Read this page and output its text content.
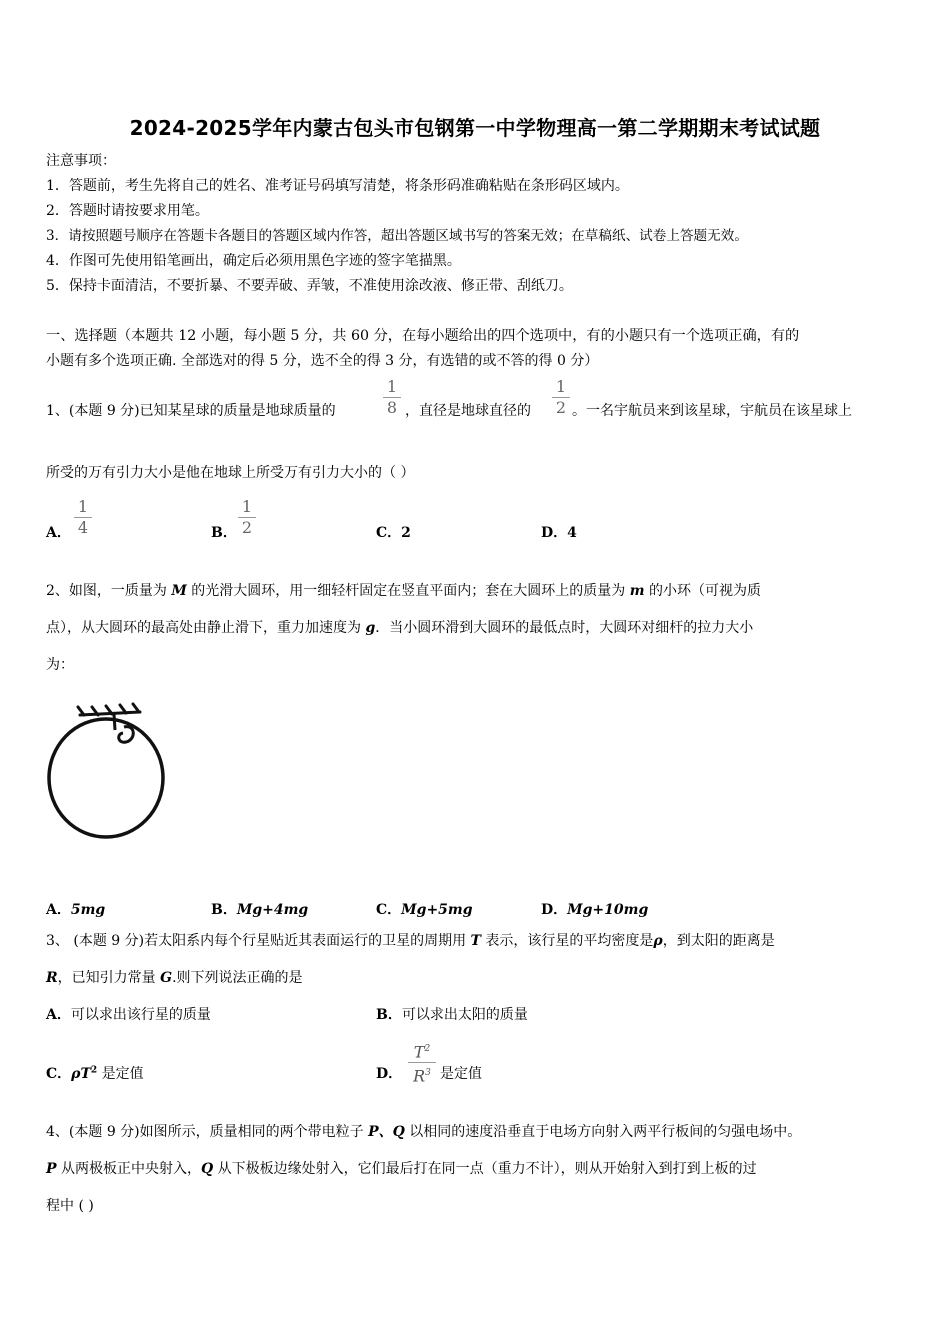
2024-2025学年内蒙古包头市包钢第一中学物理高一第二学期期末考试试题
注意事项：
1．答题前，考生先将自己的姓名、准考证号码填写清楚，将条形码准确粘贴在条形码区域内。
2．答题时请按要求用笔。
3．请按照题号顺序在答题卡各题目的答题区域内作答，超出答题区域书写的答案无效；在草稿纸、试卷上答题无效。
4．作图可先使用铅笔画出，确定后必须用黑色字迹的签字笔描黑。
5．保持卡面清洁，不要折暴、不要弄破、弄皱，不准使用涂改液、修正带、刮纸刀。
一、选择题（本题共 12 小题，每小题 5 分，共 60 分，在每小题给出的四个选项中，有的小题只有一个选项正确，有的
小题有多个选项正确. 全部选对的得 5 分，选不全的得 3 分，有选错的或不答的得 0 分）
1、(本题 9 分)已知某星球的质量是地球质量的
1
8 ，直径是地球直径的
1
2 。一名宇航员来到该星球，宇航员在该星球上
所受的万有引力大小是他在地球上所受万有引力大小的（ ）
A．
1
4	B．
1
2	C．2	D．4
2、如图，一质量为 M 的光滑大圆环，用一细轻杆固定在竖直平面内；套在大圆环上的质量为 m 的小环（可视为质
点），从大圆环的最高处由静止滑下，重力加速度为 g．当小圆环滑到大圆环的最低点时，大圆环对细杆的拉力大小
为：
A．5mg	B．Mg+4mg	C．Mg+5mg	D．Mg+10mg
3、 (本题 9 分)若太阳系内每个行星贴近其表面运行的卫星的周期用 T 表示，该行星的平均密度是ρ，到太阳的距离是
R，已知引力常量 G.则下列说法正确的是
A．可以求出该行星的质量	B．可以求出太阳的质量
C．$\rho T^2$ 是定值	D．
$T^2$
$R^3$ 是定值
4、(本题 9 分)如图所示，质量相同的两个带电粒子 P、Q 以相同的速度沿垂直于电场方向射入两平行板间的匀强电场中。
P 从两极板正中央射入，Q 从下极板边缘处射入，它们最后打在同一点（重力不计），则从开始射入到打到上板的过
程中 ( )
